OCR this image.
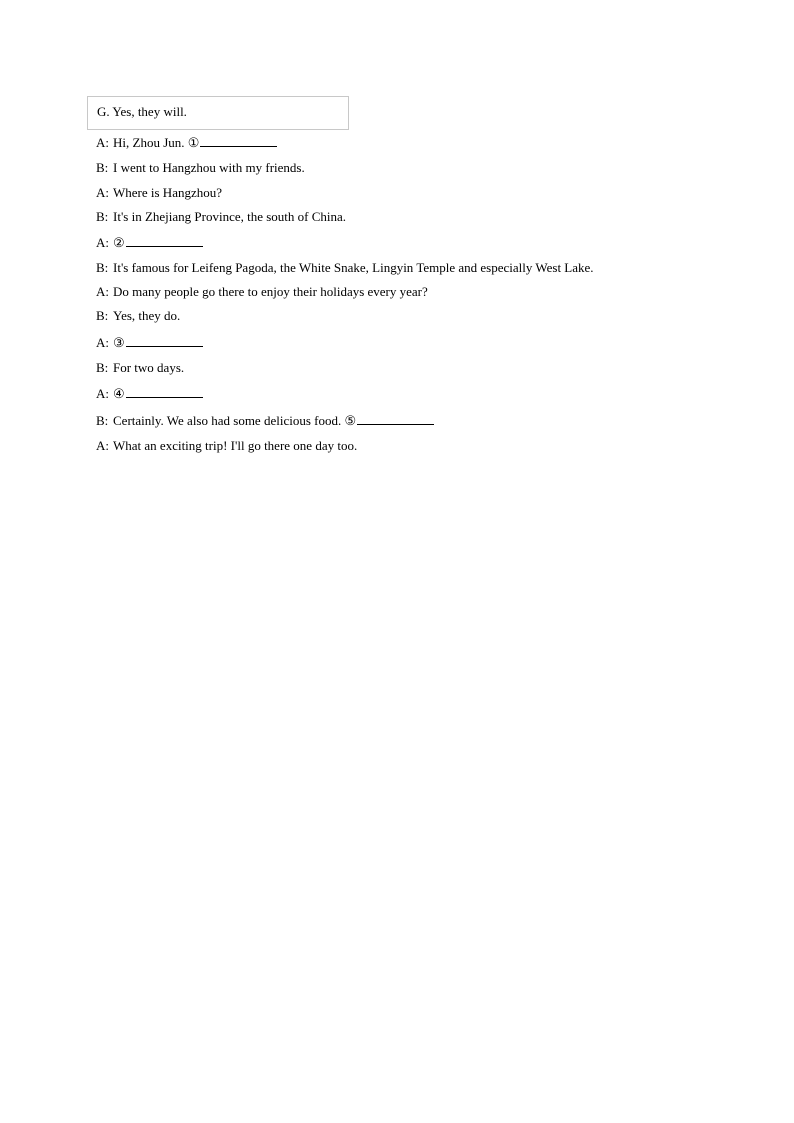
G. Yes, they will.
A: Hi, Zhou Jun. ①
B: I went to Hangzhou with my friends.
A: Where is Hangzhou?
B: It's in Zhejiang Province, the south of China.
A: ②
B: It's famous for Leifeng Pagoda, the White Snake, Lingyin Temple and especially West Lake.
A: Do many people go there to enjoy their holidays every year?
B: Yes, they do.
A: ③
B: For two days.
A: ④
B: Certainly. We also had some delicious food. ⑤
A: What an exciting trip! I'll go there one day too.
